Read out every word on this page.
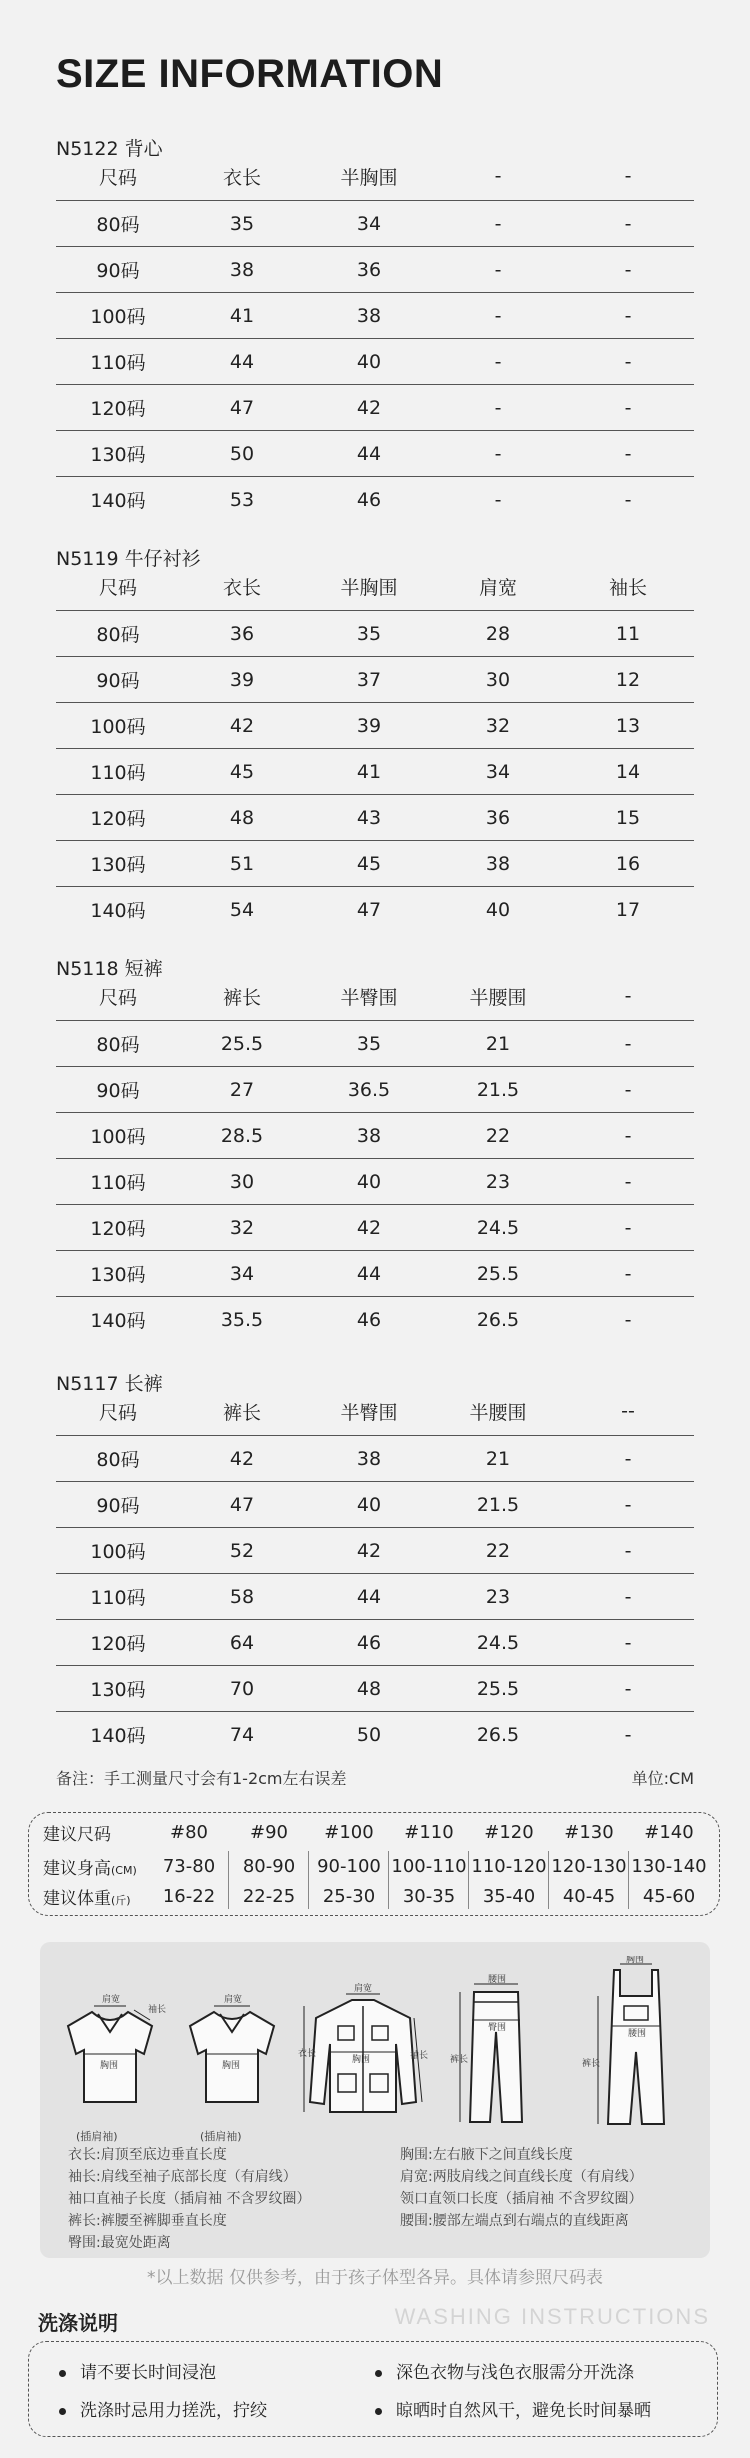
SIZE INFORMATION
N5122 背心
尺码	衣长	半胸围	-	-
80码	35	34	-	-
90码	38	36	-	-
100码	41	38	-	-
110码	44	40	-	-
120码	47	42	-	-
130码	50	44	-	-
140码	53	46	-	-
N5119 牛仔衬衫
尺码	衣长	半胸围	肩宽	袖长
80码	36	35	28	11
90码	39	37	30	12
100码	42	39	32	13
110码	45	41	34	14
120码	48	43	36	15
130码	51	45	38	16
140码	54	47	40	17
N5118 短裤
尺码	裤长	半臀围	半腰围	-
80码	25.5	35	21	-
90码	27	36.5	21.5	-
100码	28.5	38	22	-
110码	30	40	23	-
120码	32	42	24.5	-
130码	34	44	25.5	-
140码	35.5	46	26.5	-
N5117 长裤
尺码	裤长	半臀围	半腰围	--
80码	42	38	21	-
90码	47	40	21.5	-
100码	52	42	22	-
110码	58	44	23	-
120码	64	46	24.5	-
130码	70	48	25.5	-
140码	74	50	26.5	-
备注：手工测量尺寸会有1-2cm左右误差	单位:CM
建议尺码	#80	#90	#100	#110	#120	#130	#140
建议身高(CM)	73-80	80-90	90-100 100-110 110-120 120-130 130-140
建议体重(斤)	16-22	22-25	25-30	30-35	35-40	40-45	45-60
肩宽
袖长
胸围
(插肩袖)
肩宽
胸围
(插肩袖)
肩宽
胸围
衣长	袖长
腰围
臀围
裤长
胸围
腰围
裤长
衣长:肩顶至底边垂直长度
袖长:肩线至袖子底部长度（有肩线）
袖口直袖子长度（插肩袖 不含罗纹圈）
裤长:裤腰至裤脚垂直长度
臀围:最宽处距离
胸围:左右腋下之间直线长度
肩宽:两肢肩线之间直线长度（有肩线）
领口直领口长度（插肩袖 不含罗纹圈）
腰围:腰部左端点到右端点的直线距离
*以上数据 仅供参考，由于孩子体型各异。具体请参照尺码表
洗涤说明	WASHING INSTRUCTIONS
请不要长时间浸泡	深色衣物与浅色衣服需分开洗涤
洗涤时忌用力搓洗，拧绞	晾晒时自然风干，避免长时间暴晒
